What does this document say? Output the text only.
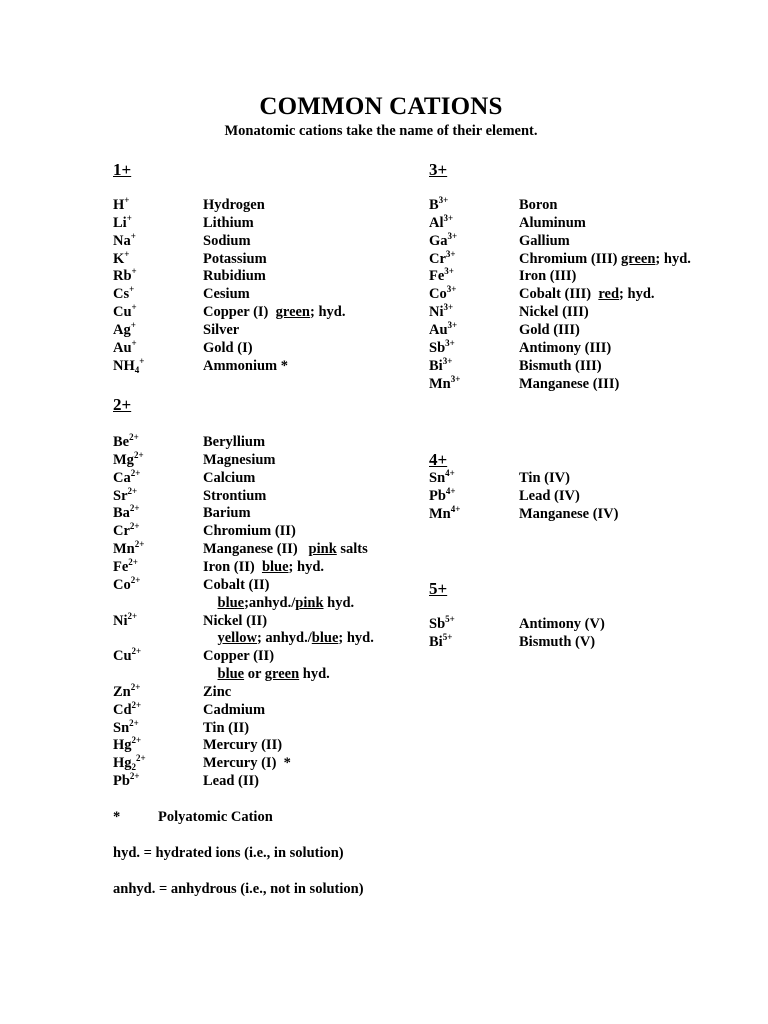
COMMON CATIONS
Monatomic cations take the name of their element.
1+
H+	Hydrogen
Li+	Lithium
Na+	Sodium
K+	Potassium
Rb+	Rubidium
Cs+	Cesium
Cu+	Copper (I)  green; hyd.
Ag+	Silver
Au+	Gold (I)
$NH_4^+$	Ammonium *
2+
$Be^{2+}$	Beryllium
$Mg^{2+}$	Magnesium
$Ca^{2+}$	Calcium
$Sr^{2+}$	Strontium
$Ba^{2+}$	Barium
$Cr^{2+}$	Chromium (II)
$Mn^{2+}$	Manganese (II)   pink salts
$Fe^{2+}$	Iron (II)  blue; hyd.
$Co^{2+}$	Cobalt (II)
blue;anhyd./pink hyd.
$Ni^{2+}$	Nickel (II)
yellow; anhyd./blue; hyd.
$Cu^{2+}$	Copper (II)
blue or green hyd.
$Zn^{2+}$	Zinc
$Cd^{2+}$	Cadmium
$Sn^{2+}$	Tin (II)
$Hg^{2+}$	Mercury (II)
$Hg_2^{2+}$	Mercury (I)  *
$Pb^{2+}$	Lead (II)
3+
$B^{3+}$	Boron
$Al^{3+}$	Aluminum
$Ga^{3+}$	Gallium
$Cr^{3+}$	Chromium (III) green; hyd.
$Fe^{3+}$	Iron (III)
$Co^{3+}$	Cobalt (III)  red; hyd.
$Ni^{3+}$	Nickel (III)
$Au^{3+}$	Gold (III)
$Sb^{3+}$	Antimony (III)
$Bi^{3+}$	Bismuth (III)
$Mn^{3+}$	Manganese (III)
4+
$Sn^{4+}$	Tin (IV)
$Pb^{4+}$	Lead (IV)
$Mn^{4+}$	Manganese (IV)
5+
$Sb^{5+}$	Antimony (V)
$Bi^{5+}$	Bismuth (V)
*	Polyatomic Cation
hyd. = hydrated ions (i.e., in solution)
anhyd. = anhydrous (i.e., not in solution)
